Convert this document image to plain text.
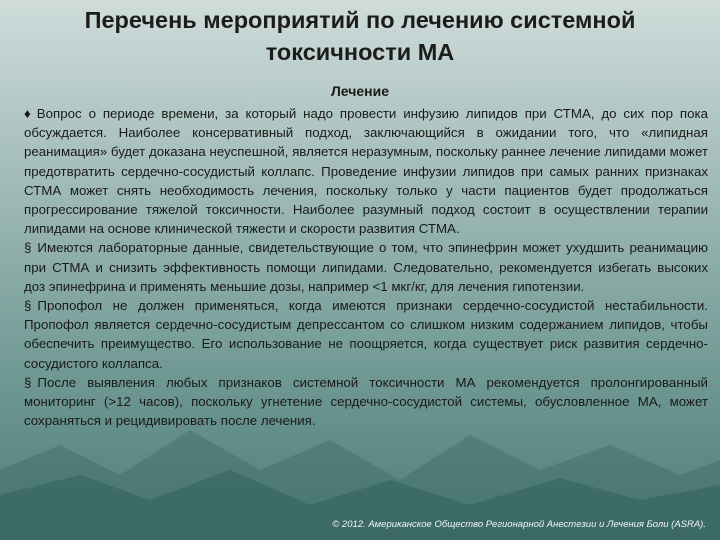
Перечень мероприятий по лечению системной
токсичности МА
Лечение

♦ Вопрос о периоде времени, за который надо провести инфузию липидов при СТМА, до сих пор пока обсуждается. Наиболее консервативный подход, заключающийся в ожидании того, что «липидная реанимация» будет доказана неуспешной, является неразумным, поскольку раннее лечение липидами может предотвратить сердечно-сосудистый коллапс. Проведение инфузии липидов при самых ранних признаках СТМА может снять необходимость лечения, поскольку только у части пациентов будет продолжаться прогрессирование тяжелой токсичности. Наиболее разумный подход состоит в осуществлении терапии липидами на основе клинической тяжести и скорости развития СТМА.

§ Имеются лабораторные данные, свидетельствующие о том, что эпинефрин может ухудшить реанимацию при СТМА и снизить эффективность помощи липидами. Следовательно, рекомендуется избегать высоких доз эпинефрина и применять меньшие дозы, например <1 мкг/кг, для лечения гипотензии.

§ Пропофол не должен применяться, когда имеются признаки сердечно-сосудистой нестабильности. Пропофол является сердечно-сосудистым депрессантом со слишком низким содержанием липидов, чтобы обеспечить преимущество. Его использование не поощряется, когда существует риск развития сердечно-сосудистого коллапса.

§ После выявления любых признаков системной токсичности МА рекомендуется пролонгированный мониторинг (>12 часов), поскольку угнетение сердечно-сосудистой системы, обусловленное МА, может сохраняться и рецидивировать после лечения.

© 2012. Американское Общество Регионарной Анестезии и Лечения Боли (ASRA).
